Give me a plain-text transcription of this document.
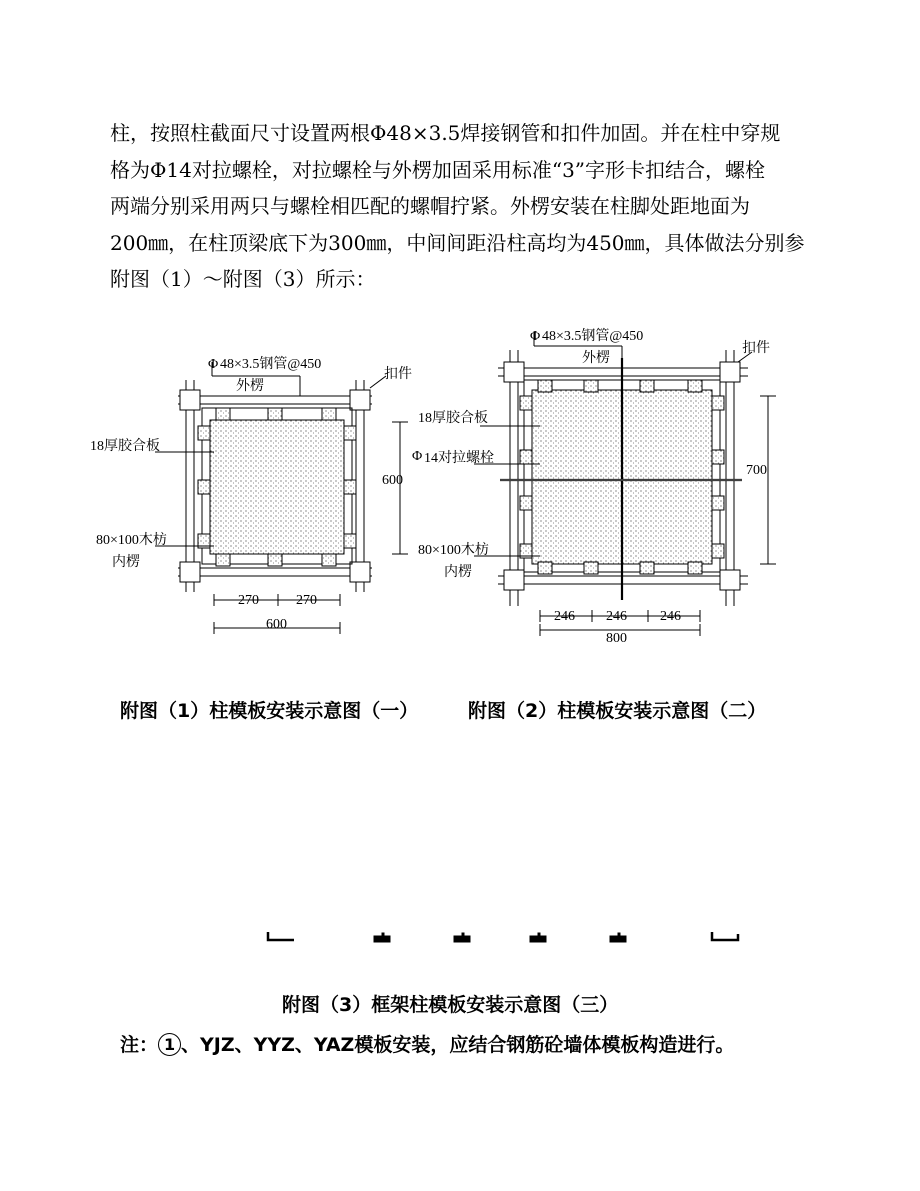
柱，按照柱截面尺寸设置两根Φ48×3.5焊接钢管和扣件加固。并在柱中穿规

格为Φ14对拉螺栓，对拉螺栓与外楞加固采用标准“3”字形卡扣结合，螺栓

两端分别采用两只与螺栓相匹配的螺帽拧紧。外楞安装在柱脚处距地面为

200㎜，在柱顶梁底下为300㎜，中间间距沿柱高均为450㎜，具体做法分别参

附图（1）～附图（3）所示：

Φ 48×3.5钢管@450
外楞
扣件
18厚胶合板
80×100木枋
内楞
600
270	270
600
Φ 48×3.5钢管@450
外楞
扣件
18厚胶合板
Φ 14对拉螺栓
80×100木枋
内楞
700
246 246 246
800
附图（1）柱模板安装示意图（一）	附图（2）柱模板安装示意图（二）
附图（3）框架柱模板安装示意图（三）
注： 1 、YJZ、YYZ、YAZ模板安装，应结合钢筋砼墙体模板构造进行。
